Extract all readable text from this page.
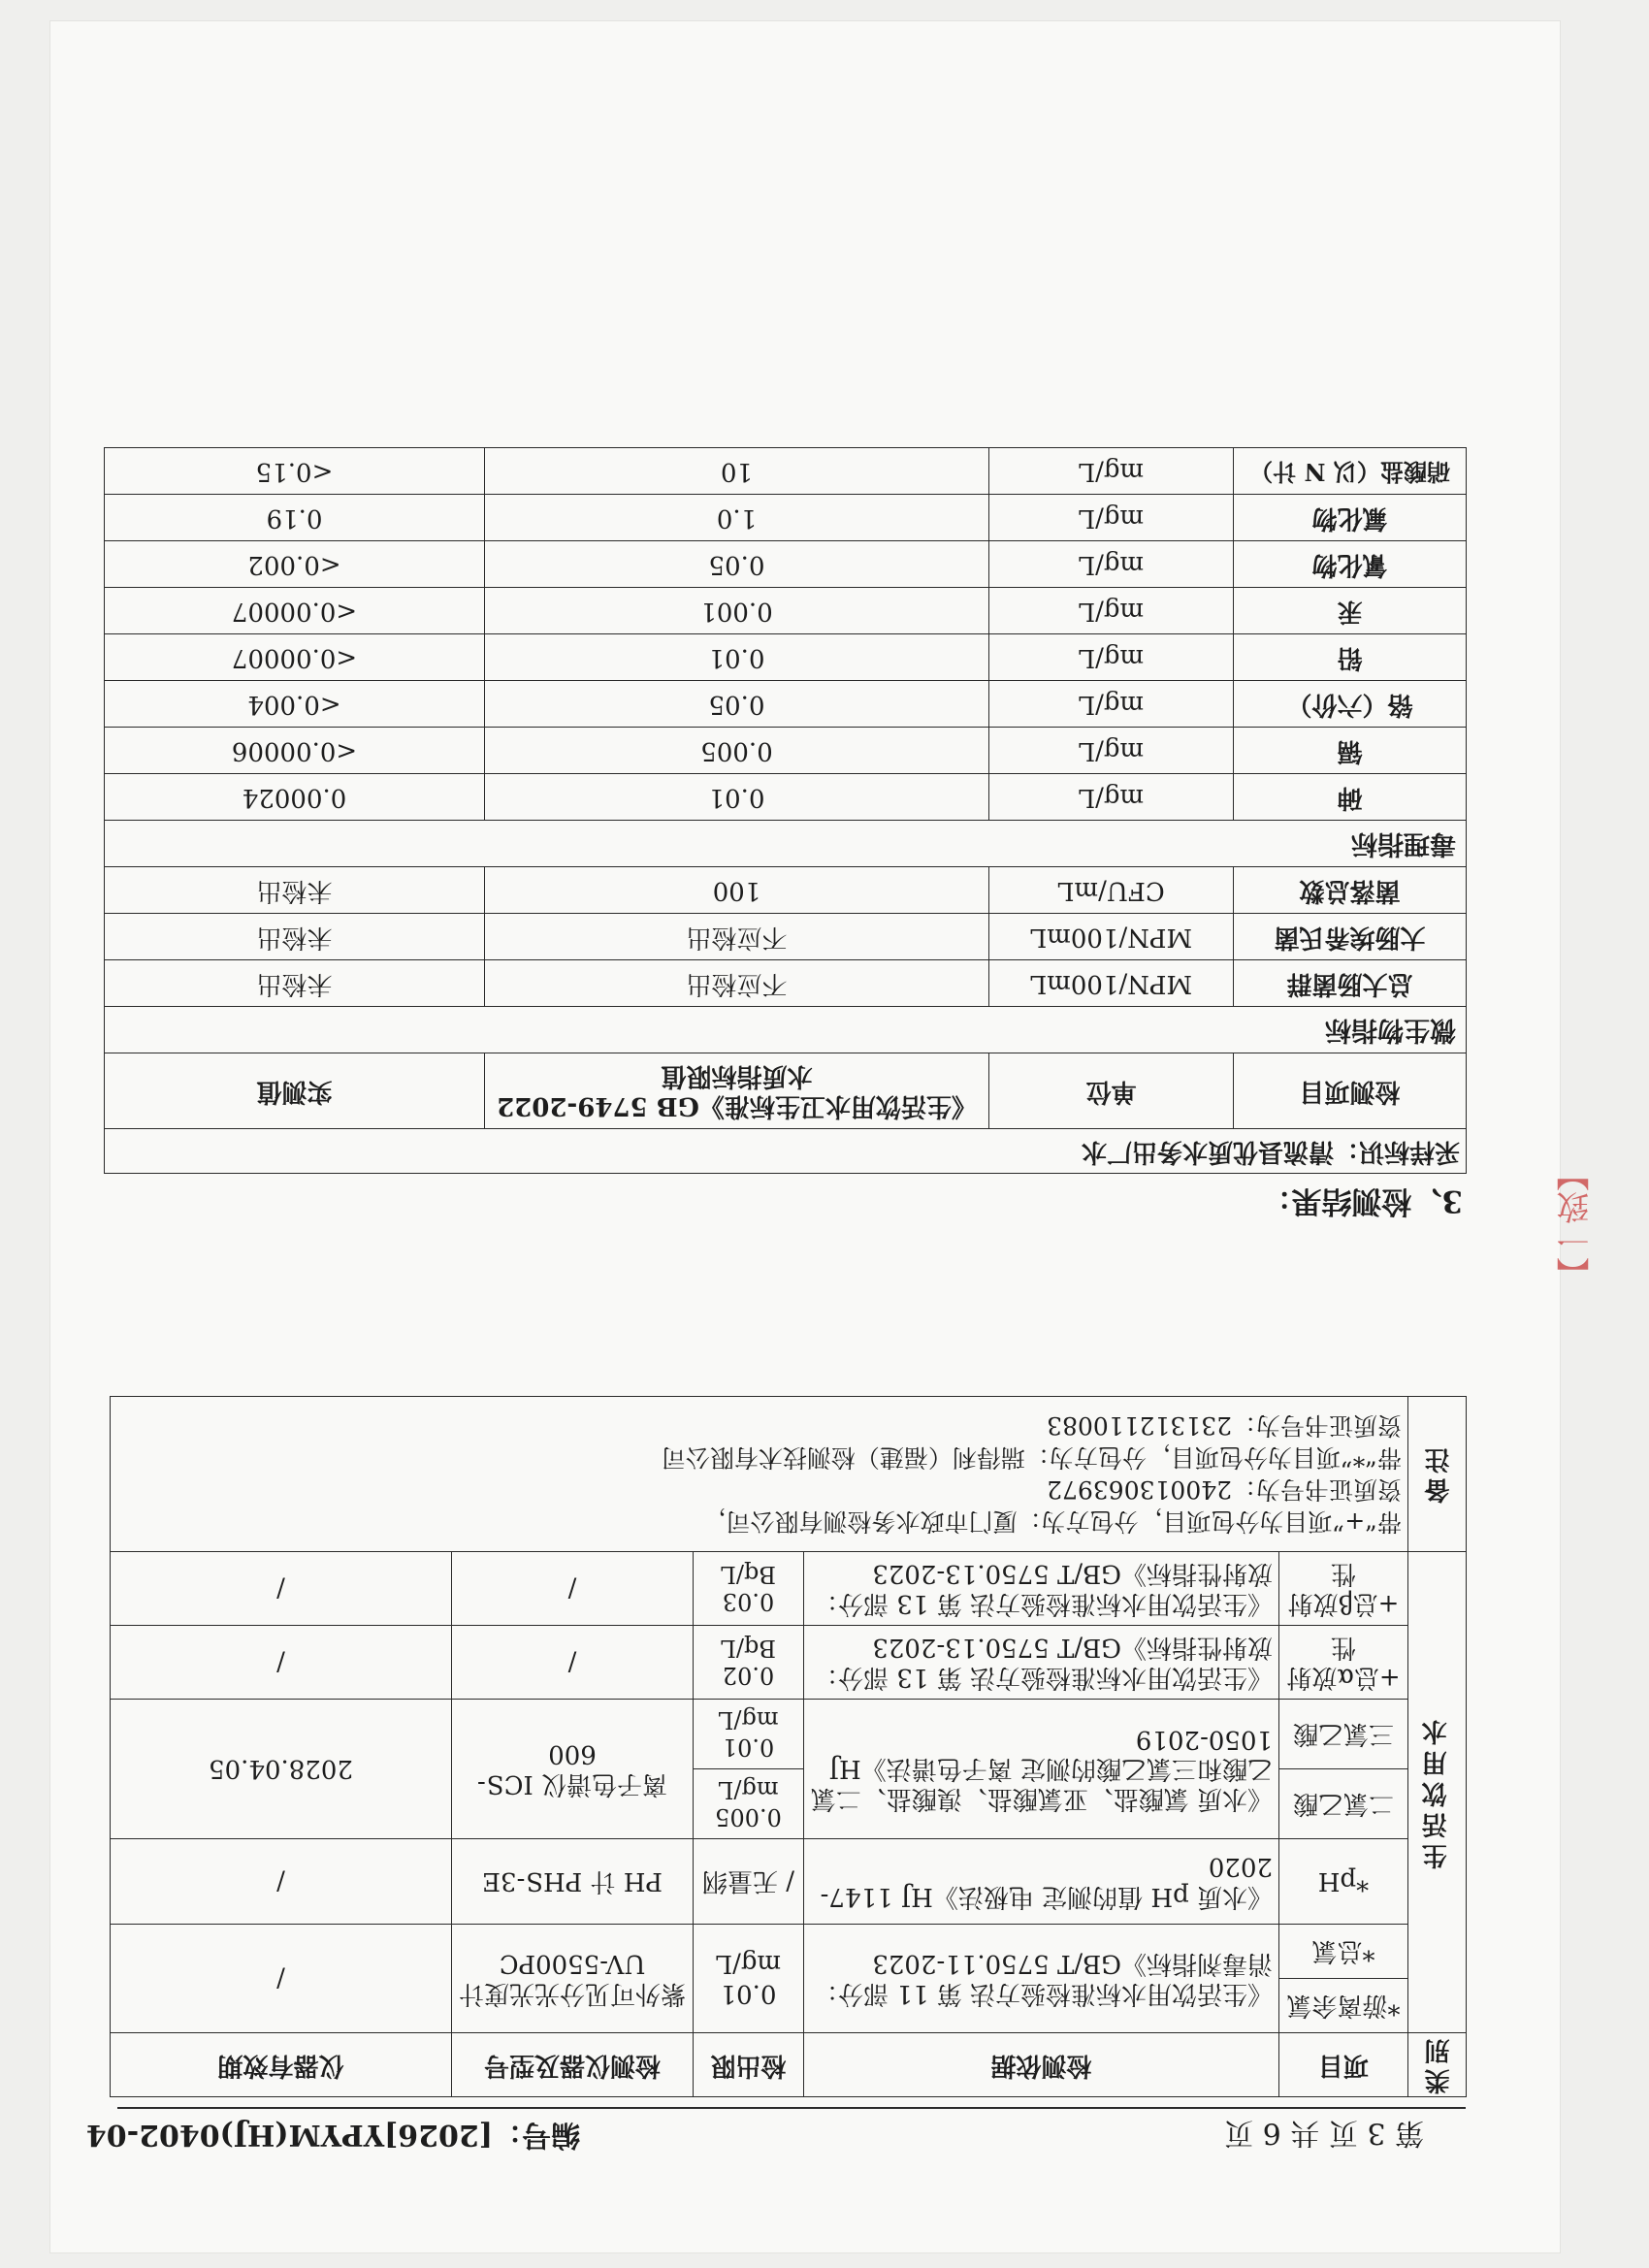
编号：[2026]YPYM(HJ)0402-04	第 3 页 共 6 页
类别	项目	检测依据	检出限	检测仪器及型号	仪器有效期
生活饮用水	*游离余氯	《生活饮用水标准检验方法 第 11 部分：消毒剂指标》GB/T 5750.11-2023	0.01 mg/L	紫外可见分光光度计 UV-5500PC	/
	*总氯				
	*pH	《水质 pH 值的测定 电极法》HJ 1147-2020	/ 无量纲	PH 计 PHS-3E	/
	二氯乙酸	《水质 氯酸盐、亚氯酸盐、溴酸盐、二氯乙酸和三氯乙酸的测定 离子色谱法》HJ 1050-2019	0.005 mg/L	离子色谱仪 ICS-600	2028.04.05
	三氯乙酸		0.01 mg/L		
	+总α放射性	《生活饮用水标准检验方法 第 13 部分：放射性指标》GB/T 5750.13-2023	0.02 Bq/L	/	/
	+总β放射性	《生活饮用水标准检验方法 第 13 部分：放射性指标》GB/T 5750.13-2023	0.03 Bq/L	/	/
备注	带“+”项目为分包项目，分包方为：厦门市政水务检测有限公司，
资质证书号为：240013063972
带“*”项目为分包项目，分包方为：瑞得利（福建）检测技术有限公司
资质证书号为：231312110083				
3、检测结果：
采样标识：清流县优质水务出厂水			
检测项目	单位	《生活饮用水卫生标准》GB 5749-2022 水质指标限值	实测值
微生物指标			
总大肠菌群	MPN/100mL	不应检出	未检出
大肠埃希氏菌	MPN/100mL	不应检出	未检出
菌落总数	CFU/mL	100	未检出
毒理指标			
砷	mg/L	0.01	0.00024
镉	mg/L	0.005	<0.00006
铬（六价）	mg/L	0.05	<0.004
铅	mg/L	0.01	<0.00007
汞	mg/L	0.001	<0.00007
氰化物	mg/L	0.05	<0.002
氟化物	mg/L	1.0	0.19
硝酸盐（以 N 计）	mg/L	10	<0.15
【一致】
